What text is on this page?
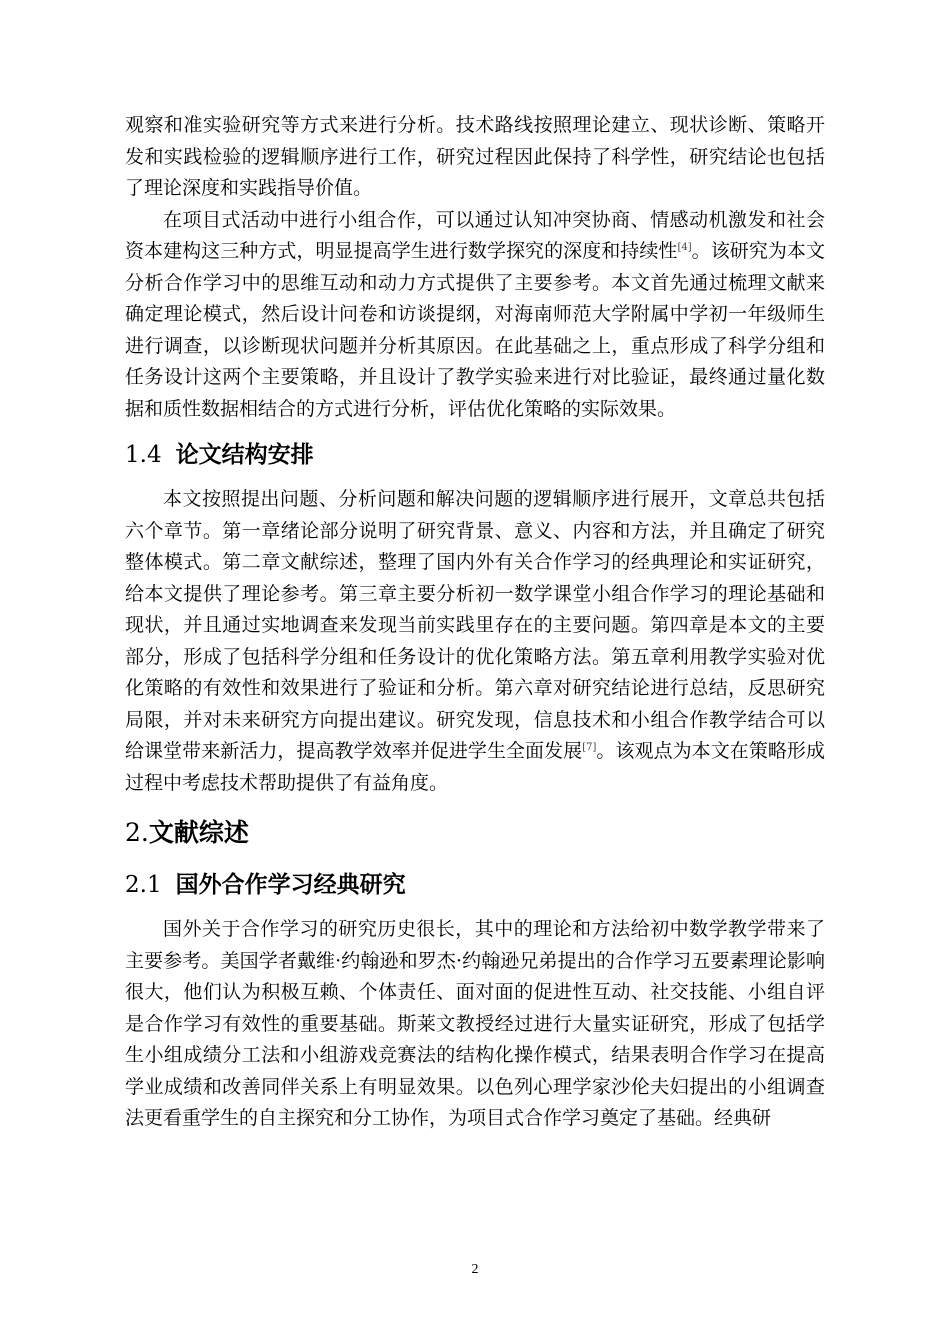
观察和准实验研究等方式来进行分析。技术路线按照理论建立、现状诊断、策略开发和实践检验的逻辑顺序进行工作，研究过程因此保持了科学性，研究结论也包括了理论深度和实践指导价值。

在项目式活动中进行小组合作，可以通过认知冲突协商、情感动机激发和社会资本建构这三种方式，明显提高学生进行数学探究的深度和持续性[4]。该研究为本文分析合作学习中的思维互动和动力方式提供了主要参考。本文首先通过梳理文献来确定理论模式，然后设计问卷和访谈提纲，对海南师范大学附属中学初一年级师生进行调查，以诊断现状问题并分析其原因。在此基础之上，重点形成了科学分组和任务设计这两个主要策略，并且设计了教学实验来进行对比验证，最终通过量化数据和质性数据相结合的方式进行分析，评估优化策略的实际效果。

1.4 论文结构安排

本文按照提出问题、分析问题和解决问题的逻辑顺序进行展开，文章总共包括六个章节。第一章绪论部分说明了研究背景、意义、内容和方法，并且确定了研究整体模式。第二章文献综述，整理了国内外有关合作学习的经典理论和实证研究，给本文提供了理论参考。第三章主要分析初一数学课堂小组合作学习的理论基础和现状，并且通过实地调查来发现当前实践里存在的主要问题。第四章是本文的主要部分，形成了包括科学分组和任务设计的优化策略方法。第五章利用教学实验对优化策略的有效性和效果进行了验证和分析。第六章对研究结论进行总结，反思研究局限，并对未来研究方向提出建议。研究发现，信息技术和小组合作教学结合可以给课堂带来新活力，提高教学效率并促进学生全面发展[7]。该观点为本文在策略形成过程中考虑技术帮助提供了有益角度。

2.文献综述
2.1 国外合作学习经典研究

国外关于合作学习的研究历史很长，其中的理论和方法给初中数学教学带来了主要参考。美国学者戴维·约翰逊和罗杰·约翰逊兄弟提出的合作学习五要素理论影响很大，他们认为积极互赖、个体责任、面对面的促进性互动、社交技能、小组自评是合作学习有效性的重要基础。斯莱文教授经过进行大量实证研究，形成了包括学生小组成绩分工法和小组游戏竞赛法的结构化操作模式，结果表明合作学习在提高学业成绩和改善同伴关系上有明显效果。以色列心理学家沙伦夫妇提出的小组调查法更看重学生的自主探究和分工协作，为项目式合作学习奠定了基础。经典研

2
